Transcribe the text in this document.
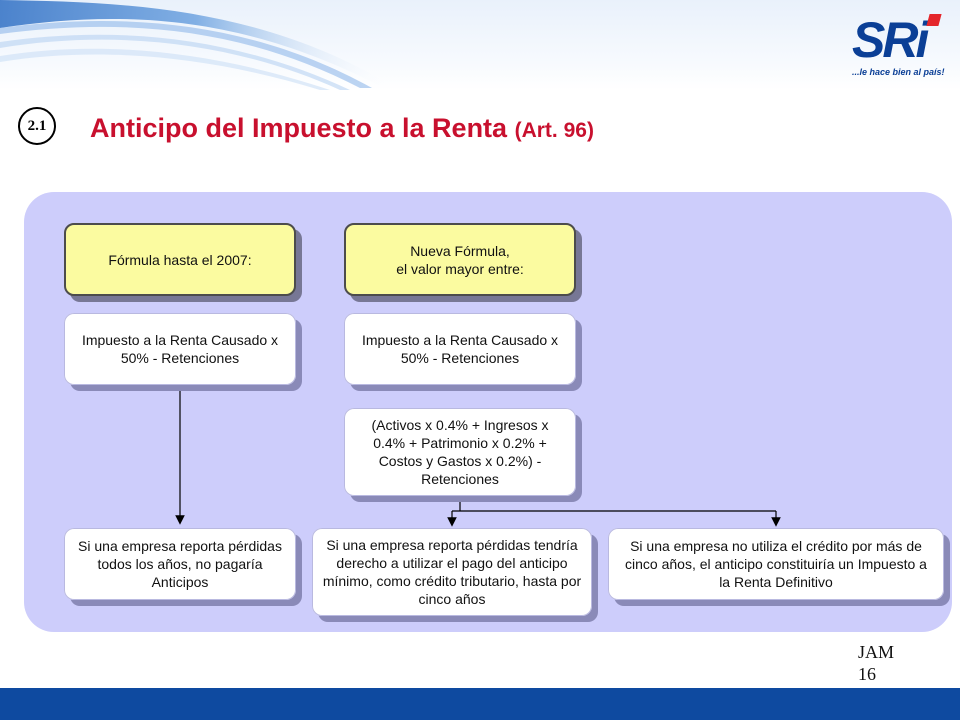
SRi
...le hace bien al país!
2.1	Anticipo del Impuesto a la Renta (Art. 96)
Fórmula hasta el 2007:
Nueva Fórmula,
el valor mayor entre:
Impuesto a la Renta Causado x 50% - Retenciones
Impuesto a la Renta Causado x 50% - Retenciones
(Activos x 0.4% + Ingresos x 0.4% + Patrimonio x 0.2% + Costos y Gastos x 0.2%) - Retenciones
Si una empresa reporta pérdidas todos los años, no pagaría Anticipos
Si una empresa reporta pérdidas tendría derecho a utilizar el pago del anticipo mínimo, como crédito tributario, hasta por cinco años
Si una empresa no utiliza el crédito por más de cinco años, el anticipo constituiría un Impuesto a la Renta Definitivo
JAM
16
